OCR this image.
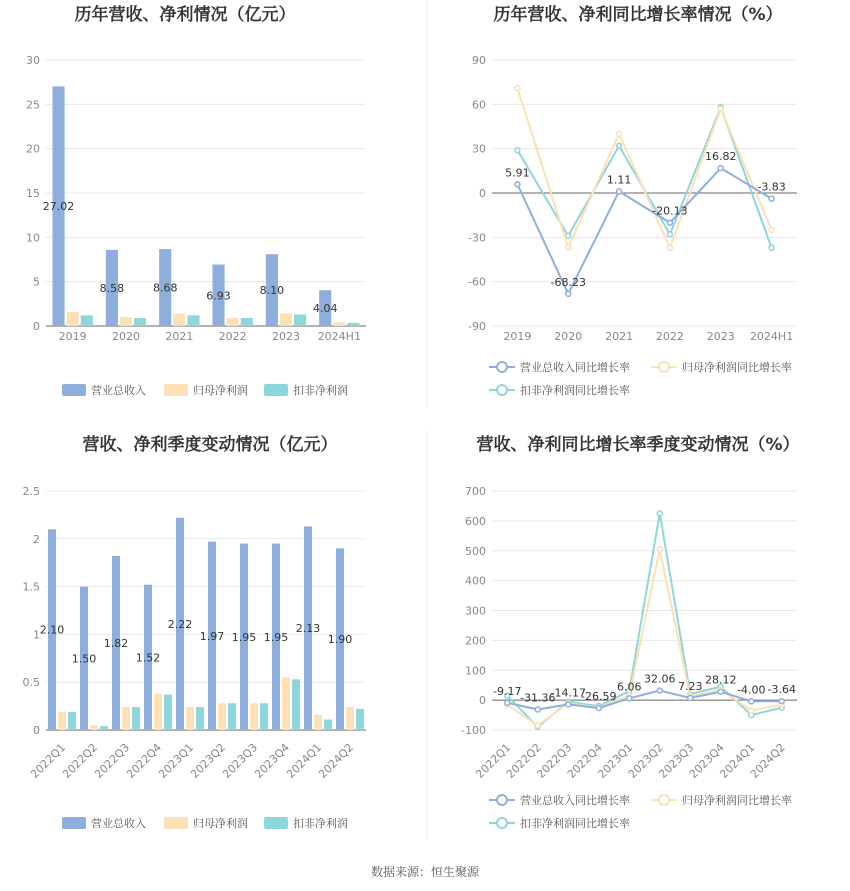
数据来源：恒生聚源
历年营收、净利情况（亿元）
0
5
10
15
20
25
30
2019 2020 2021 2022 2023 2024H1
27.02
8.58	8.68
6.93	8.10
4.04
营业总收入	归母净利润	扣非净利润
历年营收、净利同比增长率情况（%）
-90
-60
-30
0
30
60
90
2019 2020 2021 2022 2023 2024H1
5.91
-68.23
1.11
-20.13
16.82
-3.83
营业总收入同比增长率	归母净利润同比增长率
扣非净利润同比增长率
营收、净利季度变动情况（亿元）
0
0.5
1
1.5
2
2.5
2022Q1
2022Q2
2022Q3
2022Q4
2023Q1
2023Q2
2023Q3
2023Q4
2024Q1
2024Q2
2.10
1.50
1.82
1.52
2.22
1.97 1.95 1.95
2.13
1.90
营业总收入	归母净利润	扣非净利润
营收、净利同比增长率季度变动情况（%）
-100
0
100
200
300
400
500
600
700
2022Q1
2022Q2
2022Q3
2022Q4
2023Q1
2023Q2
2023Q3
2023Q4
2024Q1
2024Q2
-9.17
-31.36
-14.17
-26.59
6.06
32.06
7.23 28.12
-4.00 -3.64
营业总收入同比增长率	归母净利润同比增长率
扣非净利润同比增长率
